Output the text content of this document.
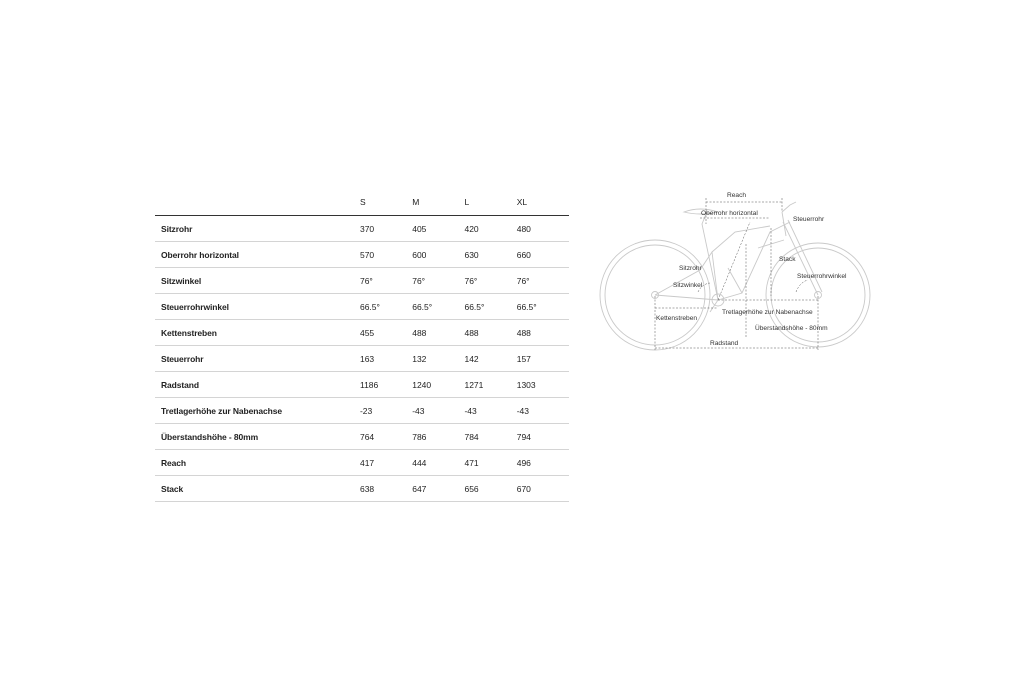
	S	M	L	XL
Sitzrohr	370	405	420	480
Oberrohr horizontal	570	600	630	660
Sitzwinkel	76°	76°	76°	76°
Steuerrohrwinkel	66.5°	66.5°	66.5°	66.5°
Kettenstreben	455	488	488	488
Steuerrohr	163	132	142	157
Radstand	1186	1240	1271	1303
Tretlagerhöhe zur Nabenachse	-23	-43	-43	-43
Überstandshöhe - 80mm	764	786	784	794
Reach	417	444	471	496
Stack	638	647	656	670
Reach
Oberrohr horizontal
Steuerrohr
Sitzrohr
Stack
Steuerrohrwinkel
Sitzwinkel
Tretlagerhöhe zur Nabenachse
Überstandshöhe - 80mm
Kettenstreben
Radstand
